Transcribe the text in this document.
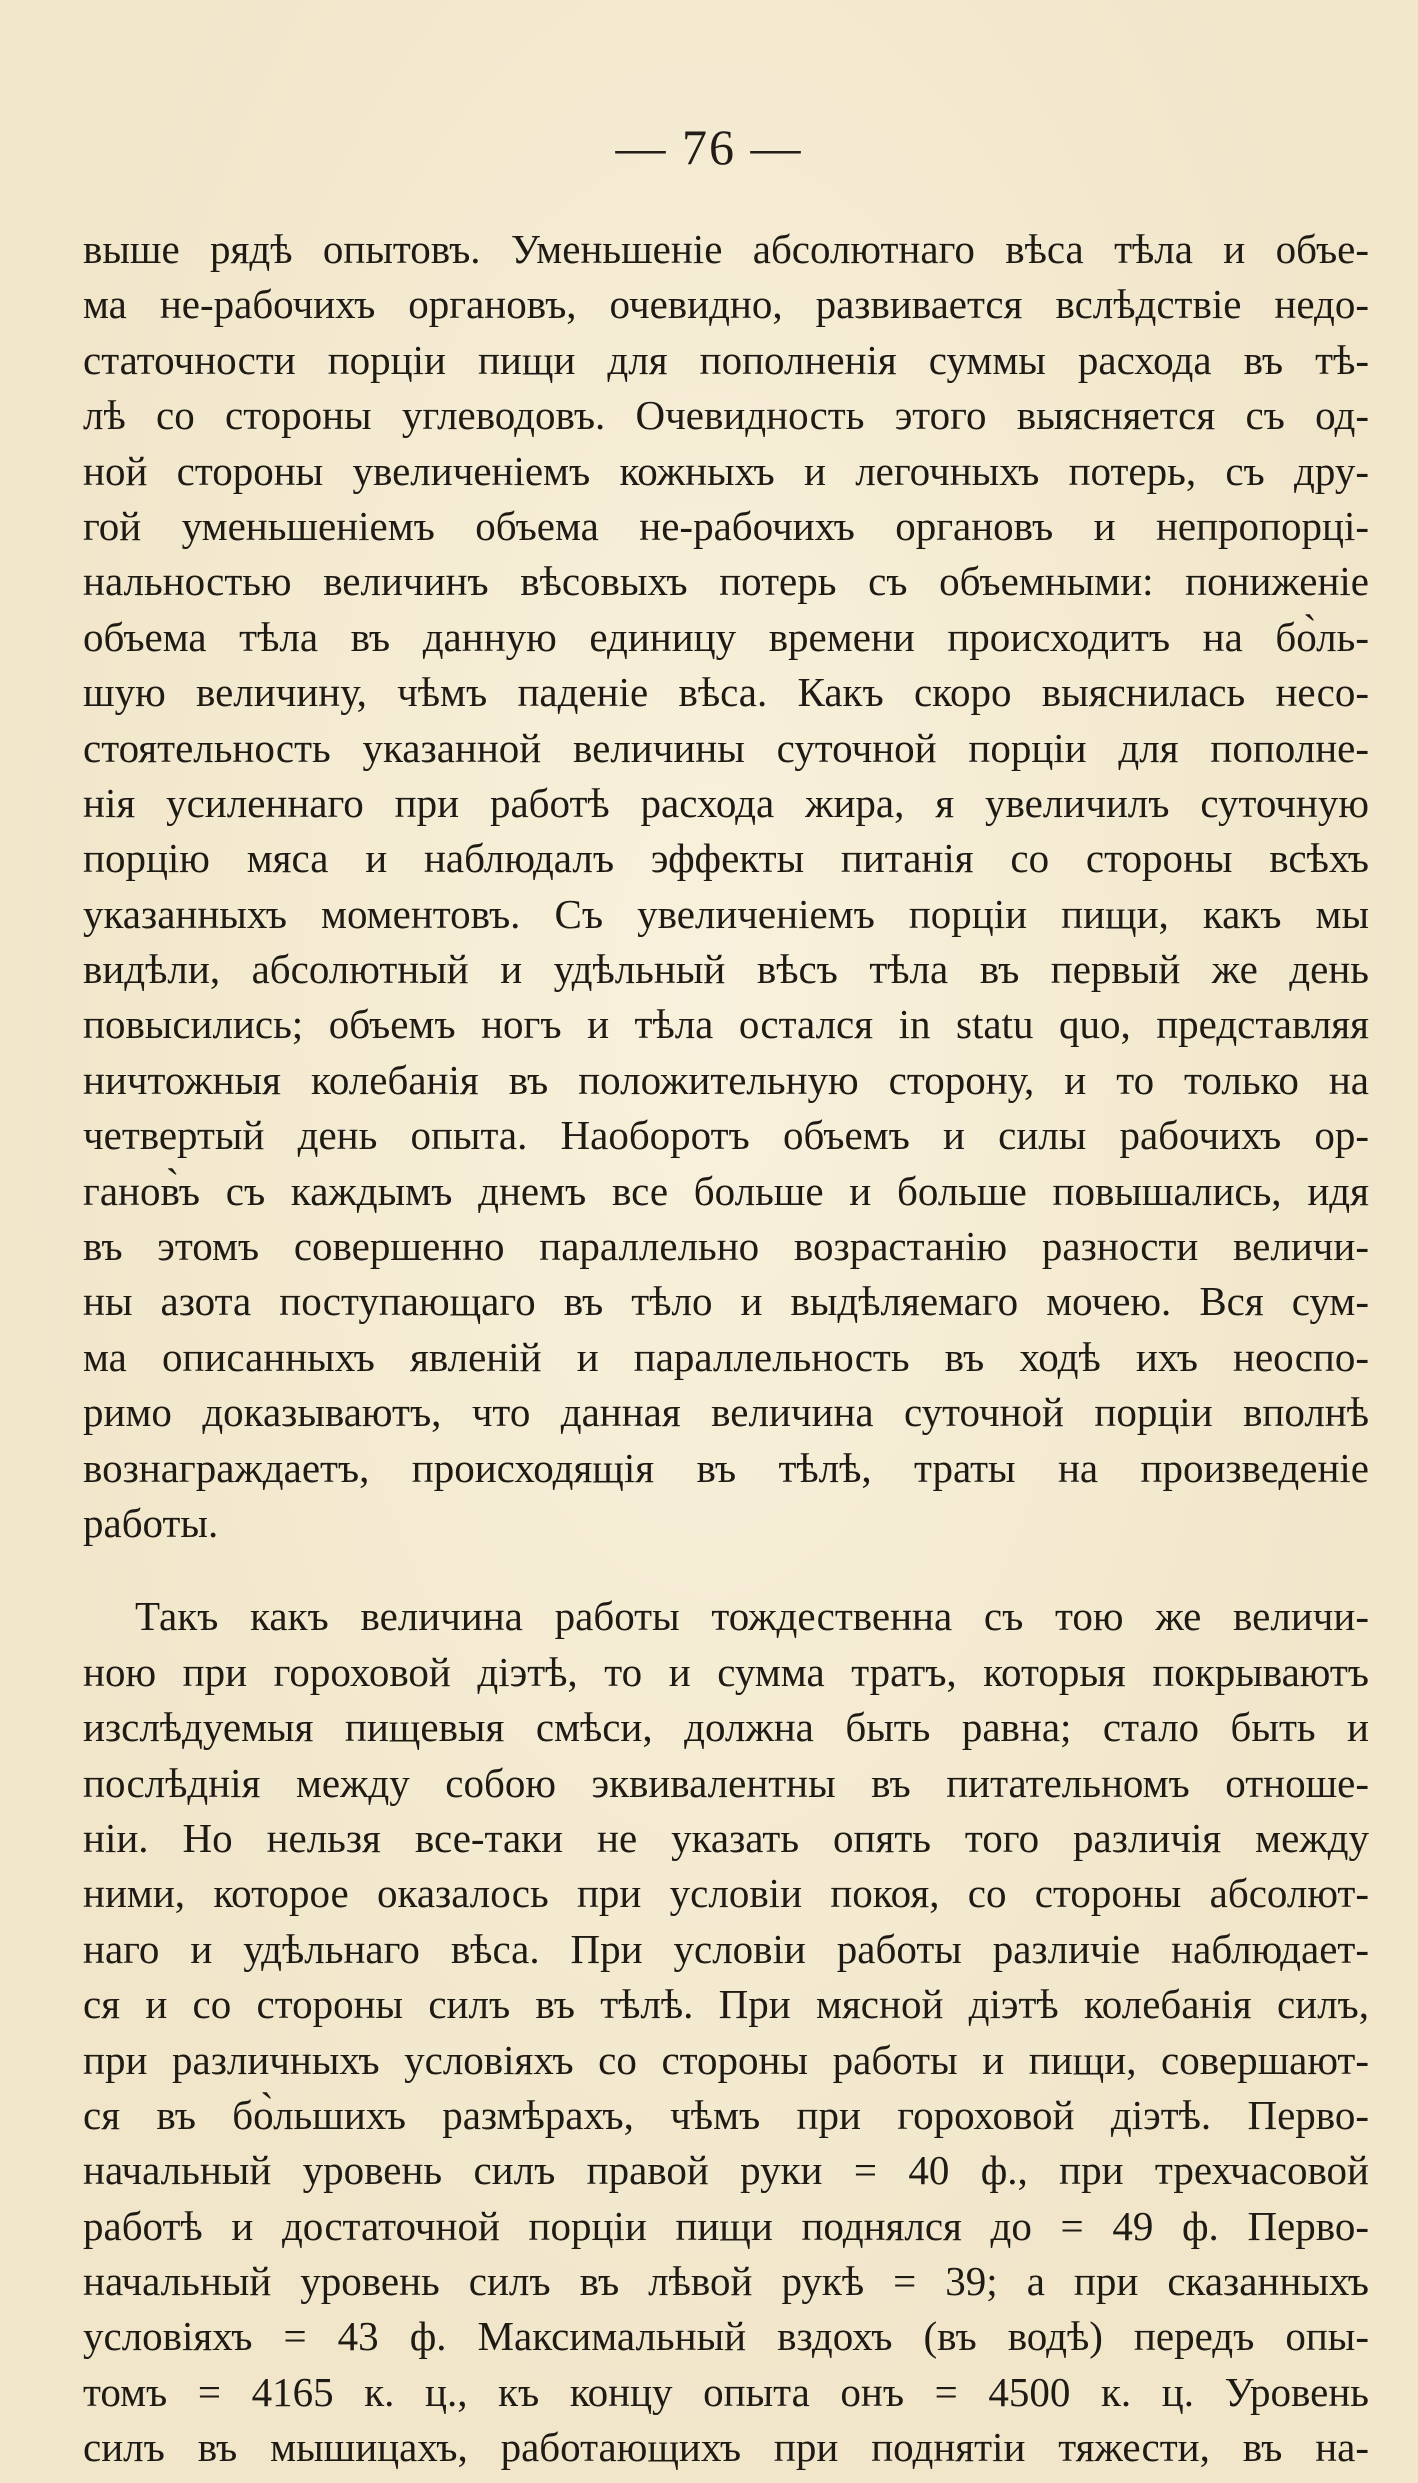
— 76 —

выше рядѣ опытовъ. Уменьшеніе абсолютнаго вѣса тѣла и объе-
ма не-рабочихъ органовъ, очевидно, развивается вслѣдствіе недо-
статочности порціи пищи для пополненія суммы расхода въ тѣ-
лѣ со стороны углеводовъ. Очевидность этого выясняется съ од-
ной стороны увеличеніемъ кожныхъ и легочныхъ потерь, съ дру-
гой уменьшеніемъ объема не-рабочихъ органовъ и непропорці-
нальностью величинъ вѣсовыхъ потерь съ объемными: пониженіе
объема тѣла въ данную единицу времени происходитъ на бо̀ль-
шую величину, чѣмъ паденіе вѣса. Какъ скоро выяснилась несо-
стоятельность указанной величины суточной порціи для пополне-
нія усиленнаго при работѣ расхода жира, я увеличилъ суточную
порцію мяса и наблюдалъ эффекты питанія со стороны всѣхъ
указанныхъ моментовъ. Съ увеличеніемъ порціи пищи, какъ мы
видѣли, абсолютный и удѣльный вѣсъ тѣла въ первый же день
повысились; объемъ ногъ и тѣла остался in statu quo, представляя
ничтожныя колебанія въ положительную сторону, и то только на
четвертый день опыта. Наоборотъ объемъ и силы рабочихъ ор-
ганов̀ъ съ каждымъ днемъ все больше и больше повышались, идя
въ этомъ совершенно параллельно возрастанію разности величи-
ны азота поступающаго въ тѣло и выдѣляемаго мочею. Вся сум-
ма описанныхъ явленій и параллельность въ ходѣ ихъ неоспо-
римо доказываютъ, что данная величина суточной порціи вполнѣ
вознаграждаетъ, происходящія въ тѣлѣ, траты на произведеніе
работы.

Такъ какъ величина работы тождественна съ тою же величи-
ною при гороховой діэтѣ, то и сумма тратъ, которыя покрываютъ
изслѣдуемыя пищевыя смѣси, должна быть равна; стало быть и
послѣднія между собою эквивалентны въ питательномъ отноше-
ніи. Но нельзя все-таки не указать опять того различія между
ними, которое оказалось при условіи покоя, со стороны абсолют-
наго и удѣльнаго вѣса. При условіи работы различіе наблюдает-
ся и со стороны силъ въ тѣлѣ. При мясной діэтѣ колебанія силъ,
при различныхъ условіяхъ со стороны работы и пищи, совершают-
ся въ бо̀льшихъ размѣрахъ, чѣмъ при гороховой діэтѣ. Перво-
начальный уровень силъ правой руки = 40 ф., при трехчасовой
работѣ и достаточной порціи пищи поднялся до = 49 ф. Перво-
начальный уровень силъ въ лѣвой рукѣ = 39; а при сказанныхъ
условіяхъ = 43 ф. Максимальный вздохъ (въ водѣ) передъ опы-
томъ = 4165 к. ц., къ концу опыта онъ = 4500 к. ц. Уровень
силъ въ мышицахъ, работающихъ при поднятіи тяжести, въ на-
